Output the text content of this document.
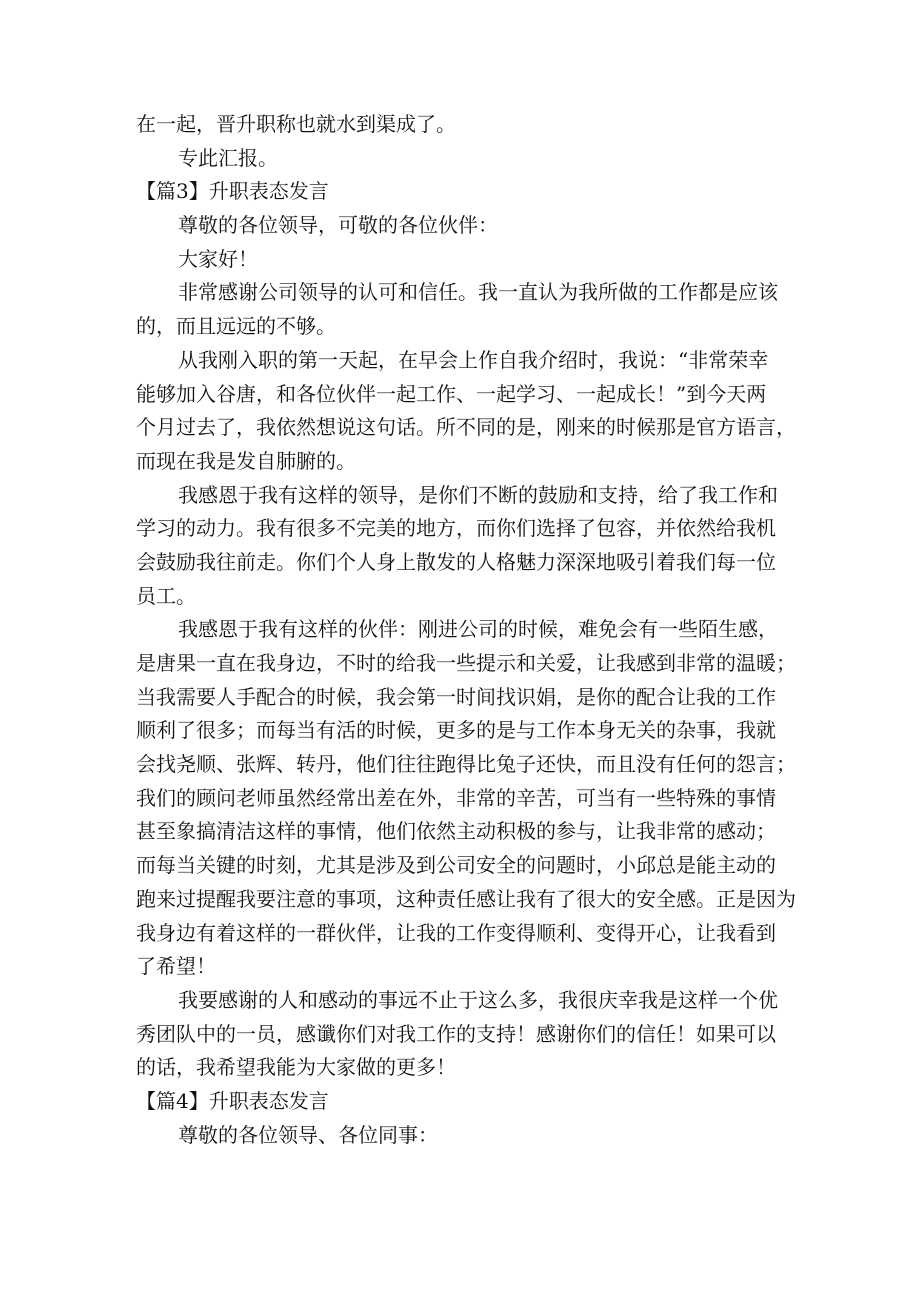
在一起，晋升职称也就水到渠成了。
专此汇报。
【篇3】升职表态发言
尊敬的各位领导，可敬的各位伙伴：
大家好！
非常感谢公司领导的认可和信任。我一直认为我所做的工作都是应该
的，而且远远的不够。
从我刚入职的第一天起，在早会上作自我介绍时，我说：“非常荣幸
能够加入谷唐，和各位伙伴一起工作、一起学习、一起成长！”到今天两
个月过去了，我依然想说这句话。所不同的是，刚来的时候那是官方语言，
而现在我是发自肺腑的。
我感恩于我有这样的领导，是你们不断的鼓励和支持，给了我工作和
学习的动力。我有很多不完美的地方，而你们选择了包容，并依然给我机
会鼓励我往前走。你们个人身上散发的人格魅力深深地吸引着我们每一位
员工。
我感恩于我有这样的伙伴：刚进公司的时候，难免会有一些陌生感，
是唐果一直在我身边，不时的给我一些提示和关爱，让我感到非常的温暖；
当我需要人手配合的时候，我会第一时间找识娟，是你的配合让我的工作
顺利了很多；而每当有活的时候，更多的是与工作本身无关的杂事，我就
会找尧顺、张辉、转丹，他们往往跑得比兔子还快，而且没有任何的怨言；
我们的顾问老师虽然经常出差在外，非常的辛苦，可当有一些特殊的事情
甚至象搞清洁这样的事情，他们依然主动积极的参与，让我非常的感动；
而每当关键的时刻，尤其是涉及到公司安全的问题时，小邱总是能主动的
跑来过提醒我要注意的事项，这种责任感让我有了很大的安全感。正是因为
我身边有着这样的一群伙伴，让我的工作变得顺利、变得开心，让我看到
了希望！
我要感谢的人和感动的事远不止于这么多，我很庆幸我是这样一个优
秀团队中的一员，感谶你们对我工作的支持！感谢你们的信任！如果可以
的话，我希望我能为大家做的更多！
【篇4】升职表态发言
尊敬的各位领导、各位同事：
